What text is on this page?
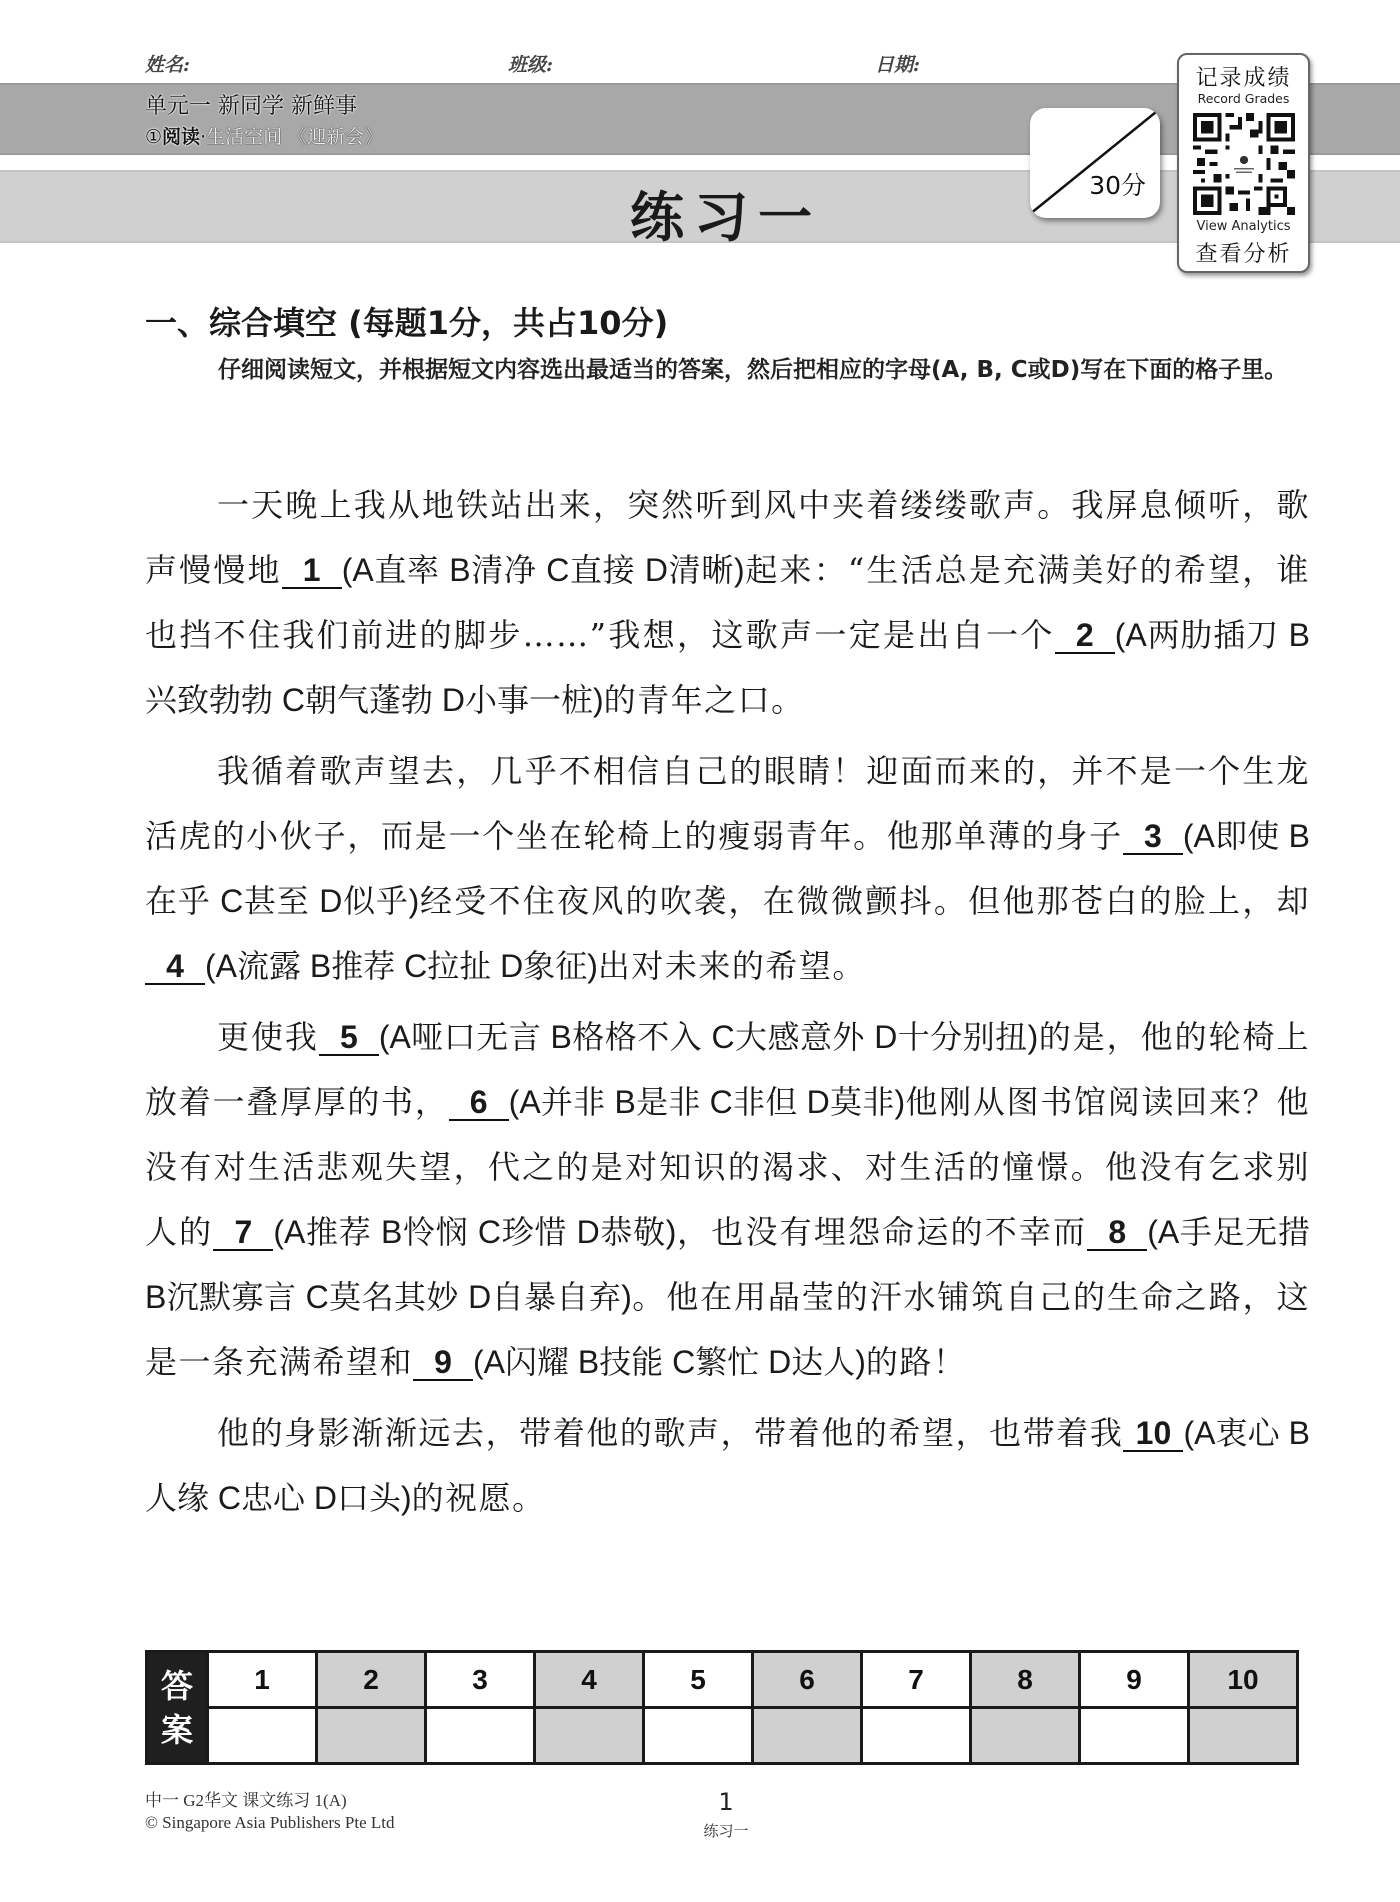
姓名:	班级:	日期:
单元一 新同学 新鲜事
①阅读·生活空间 《迎新会》
练习一
30分
记录成绩
Record Grades
View Analytics
查看分析
一、综合填空 (每题1分，共占10分)
仔细阅读短文，并根据短文内容选出最适当的答案，然后把相应的字母(A, B, C或D)写在下面的格子里。

一天晚上我从地铁站出来，突然听到风中夹着缕缕歌声。我屏息倾听，歌声慢慢地 1 (A直率 B清净 C直接 D清晰)起来：“生活总是充满美好的希望，谁也挡不住我们前进的脚步……”我想，这歌声一定是出自一个 2 (A两肋插刀 B兴致勃勃 C朝气蓬勃 D小事一桩)的青年之口。

我循着歌声望去，几乎不相信自己的眼睛！迎面而来的，并不是一个生龙活虎的小伙子，而是一个坐在轮椅上的瘦弱青年。他那单薄的身子 3 (A即使 B在乎 C甚至 D似乎)经受不住夜风的吹袭，在微微颤抖。但他那苍白的脸上，却4 (A流露 B推荐 C拉扯 D象征)出对未来的希望。

更使我 5 (A哑口无言 B格格不入 C大感意外 D十分别扭)的是，他的轮椅上放着一叠厚厚的书， 6 (A并非 B是非 C非但 D莫非)他刚从图书馆阅读回来？他没有对生活悲观失望，代之的是对知识的渴求、对生活的憧憬。他没有乞求别人的 7 (A推荐 B怜悯 C珍惜 D恭敬)，也没有埋怨命运的不幸而 8 (A手足无措 B沉默寡言 C莫名其妙 D自暴自弃)。他在用晶莹的汗水铺筑自己的生命之路，这是一条充满希望和 9 (A闪耀 B技能 C繁忙 D达人)的路！

他的身影渐渐远去，带着他的歌声，带着他的希望，也带着我 10 (A衷心 B人缘 C忠心 D口头)的祝愿。

答
案	1	2	3	4	5	6	7	8	9	10

中一 G2华文 课文练习 1(A)
© Singapore Asia Publishers Pte Ltd
1
练习一
